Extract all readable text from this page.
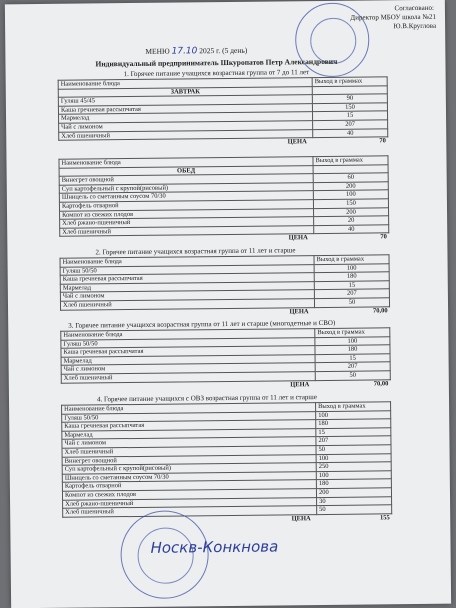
Согласовано:
Директор МБОУ школа №21
Ю.В.Круглова
МЕНЮ 17.10 2025 г. (5 день)
Индивидуальный предприниматель Шкуропатов Петр Александрович
1. Горячее питание учащихся возрастная группа от 7 до 11 лет
Наименование блюда	Выход в граммах
ЗАВТРАК	
Гуляш 45/45	90
Каша гречневая рассыпчатая	150
Мармелад	15
Чай с лимоном	207
Хлеб пшеничный	40
ЦЕНА	70
Наименование блюда	Выход в граммах
ОБЕД	
Винегрет овощной	60
Суп картофельный с крупой(рисовый)	200
Шницель со сметанным соусом 70/30	100
Картофель отварной	150
Компот из свежих плодов	200
Хлеб ржано-пшеничный	20
Хлеб пшеничный	40
ЦЕНА	70
2. Горячее питание учащихся возрастная группа от 11 лет и старше
Наименование блюда	Выход в граммах
Гуляш 50/50	100
Каша гречневая рассыпчатая	180
Мармелад	15
Чай с лимоном	207
Хлеб пшеничный	50
ЦЕНА	70,00
3. Горячее питание учащихся возрастная группа от 11 лет и старше (многодетные и СВО)
Наименование блюда	Выход в граммах
Гуляш 50/50	100
Каша гречневая рассыпчатая	180
Мармелад	15
Чай с лимоном	207
Хлеб пшеничный	50
ЦЕНА	70,00
4. Горячее питание учащихся с ОВЗ возрастная группа от 11 лет и старше
Наименование блюда	Выход в граммах
Гуляш 50/50	100
Каша гречневая рассыпчатая	180
Мармелад	15
Чай с лимоном	207
Хлеб пшеничный	50
Винегрет овощной	100
Суп картофельный с крупой(рисовый)	250
Шницель со сметанным соусом 70/30	100
Картофель отварной	180
Компот из свежих плодов	200
Хлеб ржано-пшеничный	30
Хлеб пшеничный	50
ЦЕНА	155
Носкв-Конкнова
